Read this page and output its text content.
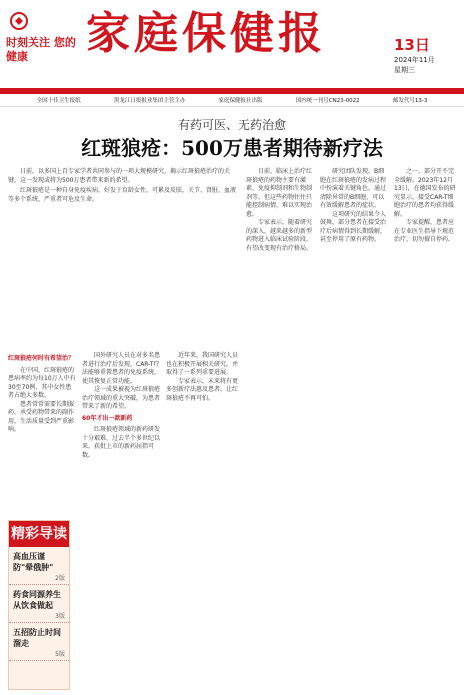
时刻关注 您的健康	家庭保健报	13日
2024年11月
星期三
全国十佳卫生报纸	黑龙江日报报业集团主管主办	家庭保健报社出版	国内统一刊号CN23-0022	邮发代号13-3
有药可医、无药治愈
红斑狼疮：500万患者期待新疗法

日前，以多国上百专家学者共同参与的一项大规模研究，揭示红斑狼疮治疗的关键，这一发现或将为500万患者带来新的希望。

红斑狼疮是一种自身免疫疾病，好发于育龄女性，可累及皮肤、关节、肾脏、血液等多个系统，严重者可危及生命。

目前，临床上治疗红斑狼疮的药物主要有激素、免疫抑制剂和生物制剂等，但这些药物往往只能控制病情，难以实现治愈。

专家表示，随着研究的深入，越来越多的新型药物进入临床试验阶段，有望改变现有治疗格局。

研究团队发现，B细胞在红斑狼疮的发病过程中扮演着关键角色。通过清除异常的B细胞，可以有效缓解患者的症状。

这项研究的结果令人鼓舞，部分患者在接受治疗后病情得到长期缓解，甚至停用了原有药物。

之一，部分开不完全缓解。2023年12月13日，在德国发布的研究显示，接受CAR-T细胞治疗的患者均获得缓解。

专家提醒，患者应在专业医生指导下规范治疗，切勿擅自停药。

红斑狼疮何时有希望治？

在中国，红斑狼疮的患病率约为每10万人中有30至70例，其中女性患者占绝大多数。

患者常常需要长期服药，承受药物带来的副作用，生活质量受到严重影响。

国外研究人员在对多名患者进行治疗后发现，CAR-T疗法能够重置患者的免疫系统，使其恢复正常功能。

这一成果被视为红斑狼疮治疗领域的重大突破，为患者带来了新的希望。

60年才出一款新药

红斑狼疮领域的新药研发十分艰难，过去半个多世纪以来，获批上市的新药屈指可数。

近年来，我国研究人员也在积极开展相关研究，并取得了一系列重要进展。

专家表示，未来将有更多创新疗法惠及患者，让红斑狼疮不再可怕。

精彩导读
高血压谨防"晕俄肿"
2版
药食同源养生从饮食做起
3版
五招防止时间溜走
5版
